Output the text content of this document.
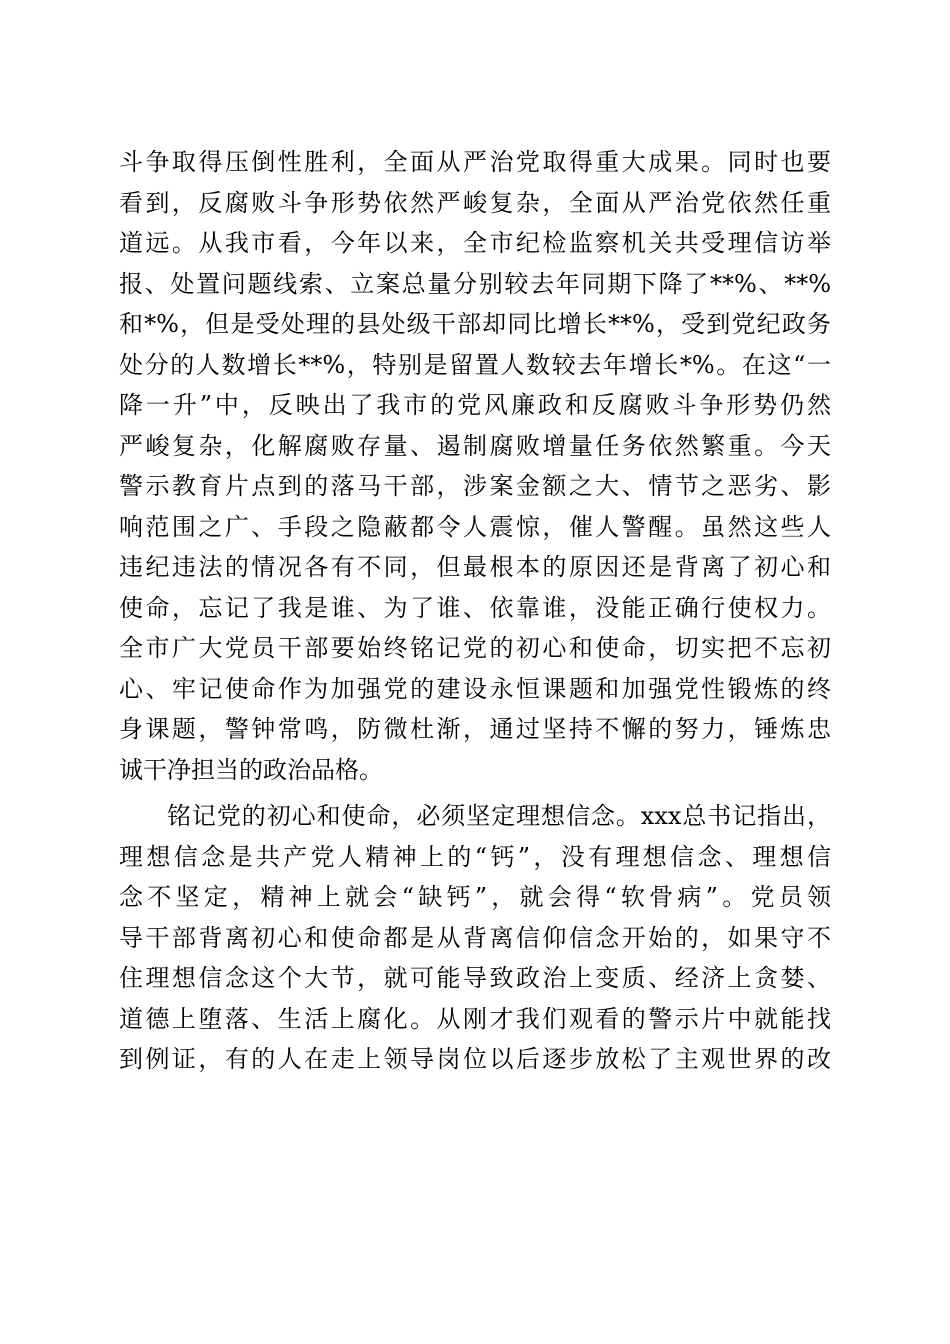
斗争取得压倒性胜利，全面从严治党取得重大成果。同时也要
看到，反腐败斗争形势依然严峻复杂，全面从严治党依然任重
道远。从我市看，今年以来，全市纪检监察机关共受理信访举
报、处置问题线索、立案总量分别较去年同期下降了**%、**%
和*%，但是受处理的县处级干部却同比增长**%，受到党纪政务
处分的人数增长**%，特别是留置人数较去年增长*%。在这“一
降一升”中，反映出了我市的党风廉政和反腐败斗争形势仍然
严峻复杂，化解腐败存量、遏制腐败增量任务依然繁重。今天
警示教育片点到的落马干部，涉案金额之大、情节之恶劣、影
响范围之广、手段之隐蔽都令人震惊，催人警醒。虽然这些人
违纪违法的情况各有不同，但最根本的原因还是背离了初心和
使命，忘记了我是谁、为了谁、依靠谁，没能正确行使权力。
全市广大党员干部要始终铭记党的初心和使命，切实把不忘初
心、牢记使命作为加强党的建设永恒课题和加强党性锻炼的终
身课题，警钟常鸣，防微杜渐，通过坚持不懈的努力，锤炼忠
诚干净担当的政治品格。
铭记党的初心和使命，必须坚定理想信念。xxx总书记指出，
理想信念是共产党人精神上的“钙”，没有理想信念、理想信
念不坚定，精神上就会“缺钙”，就会得“软骨病”。党员领
导干部背离初心和使命都是从背离信仰信念开始的，如果守不
住理想信念这个大节，就可能导致政治上变质、经济上贪婪、
道德上堕落、生活上腐化。从刚才我们观看的警示片中就能找
到例证，有的人在走上领导岗位以后逐步放松了主观世界的改
